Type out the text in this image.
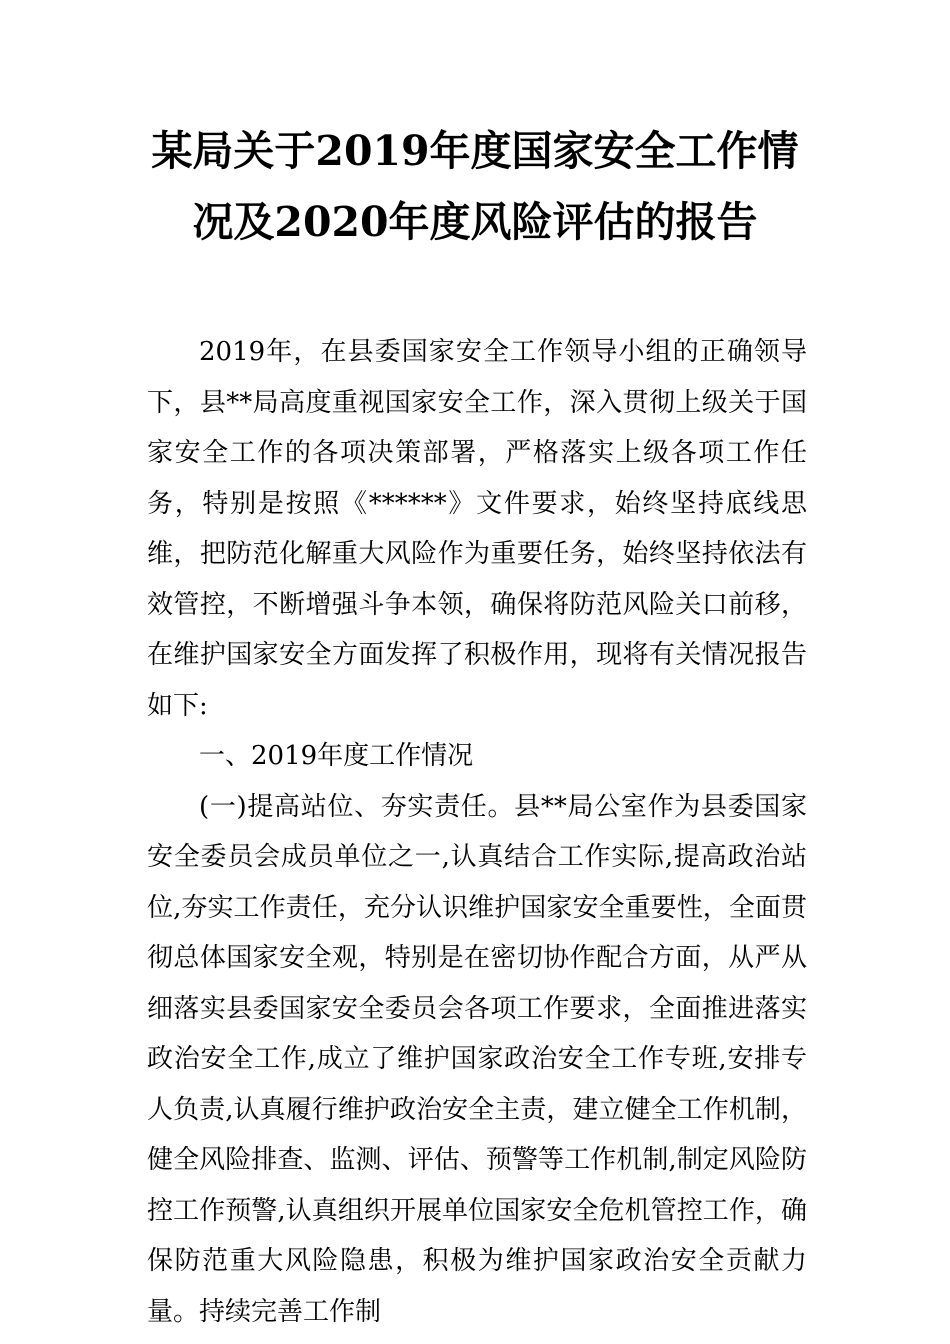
某局关于2019年度国家安全工作情
况及2020年度风险评估的报告

2019年，在县委国家安全工作领导小组的正确领导下，县**局高度重视国家安全工作，深入贯彻上级关于国家安全工作的各项决策部署，严格落实上级各项工作任务，特别是按照《******》文件要求，始终坚持底线思维，把防范化解重大风险作为重要任务，始终坚持依法有效管控，不断增强斗争本领，确保将防范风险关口前移，在维护国家安全方面发挥了积极作用，现将有关情况报告如下:

一、2019年度工作情况

(一)提高站位、夯实责任。县**局公室作为县委国家安全委员会成员单位之一,认真结合工作实际,提高政治站位,夯实工作责任，充分认识维护国家安全重要性，全面贯彻总体国家安全观，特别是在密切协作配合方面，从严从细落实县委国家安全委员会各项工作要求，全面推进落实政治安全工作,成立了维护国家政治安全工作专班,安排专人负责,认真履行维护政治安全主责，建立健全工作机制，健全风险排查、监测、评估、预警等工作机制,制定风险防控工作预警,认真组织开展单位国家安全危机管控工作，确保防范重大风险隐患，积极为维护国家政治安全贡献力量。持续完善工作制
